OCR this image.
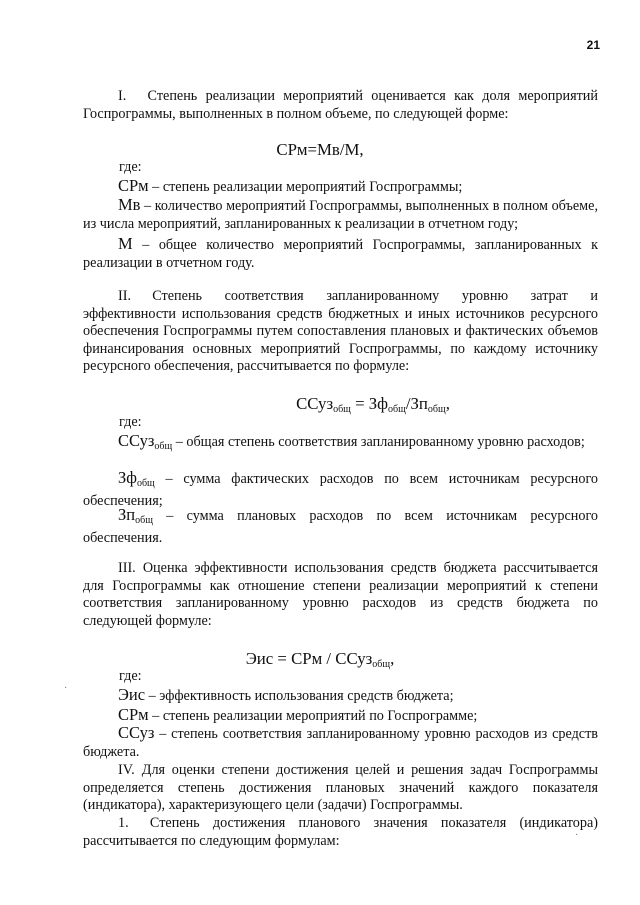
21

I.  Степень реализации мероприятий оценивается как доля мероприятий Госпрограммы, выполненных в полном объеме, по следующей форме:

СРм=Мв/М,

где:

СРм – степень реализации мероприятий Госпрограммы;

Мв – количество мероприятий Госпрограммы, выполненных в полном объеме, из числа мероприятий, запланированных к реализации в отчетном году;

М – общее количество мероприятий Госпрограммы, запланированных к реализации в отчетном году.

II.  Степень соответствия запланированному уровню затрат и эффективности использования средств бюджетных и иных источников ресурсного обеспечения Госпрограммы путем сопоставления плановых и фактических объемов финансирования основных мероприятий Госпрограммы, по каждому источнику ресурсного обеспечения, рассчитывается по формуле:

ССуз$_{общ}$ = $Зф_{общ}/Зп_{общ}$,

где:

ССуз$_{общ}$ – общая степень соответствия запланированному уровню расходов;

$Зф_{общ}$ – сумма фактических расходов по всем источникам ресурсного обеспечения;

$Зп_{общ}$ – сумма плановых расходов по всем источникам ресурсного обеспечения.

III. Оценка эффективности использования средств бюджета рассчитывается для Госпрограммы как отношение степени реализации мероприятий к степени соответствия запланированному уровню расходов из средств бюджета по следующей формуле:

Эис = СРм / ССуз$_{общ}$,

где:

Эис – эффективность использования средств бюджета;

СРм – степень реализации мероприятий по Госпрограмме;

ССуз – степень соответствия запланированному уровню расходов из средств бюджета.

IV. Для оценки степени достижения целей и решения задач Госпрограммы определяется степень достижения плановых значений каждого показателя (индикатора), характеризующего цели (задачи) Госпрограммы.

1.  Степень достижения планового значения показателя (индикатора) рассчитывается по следующим формулам:

·
·
